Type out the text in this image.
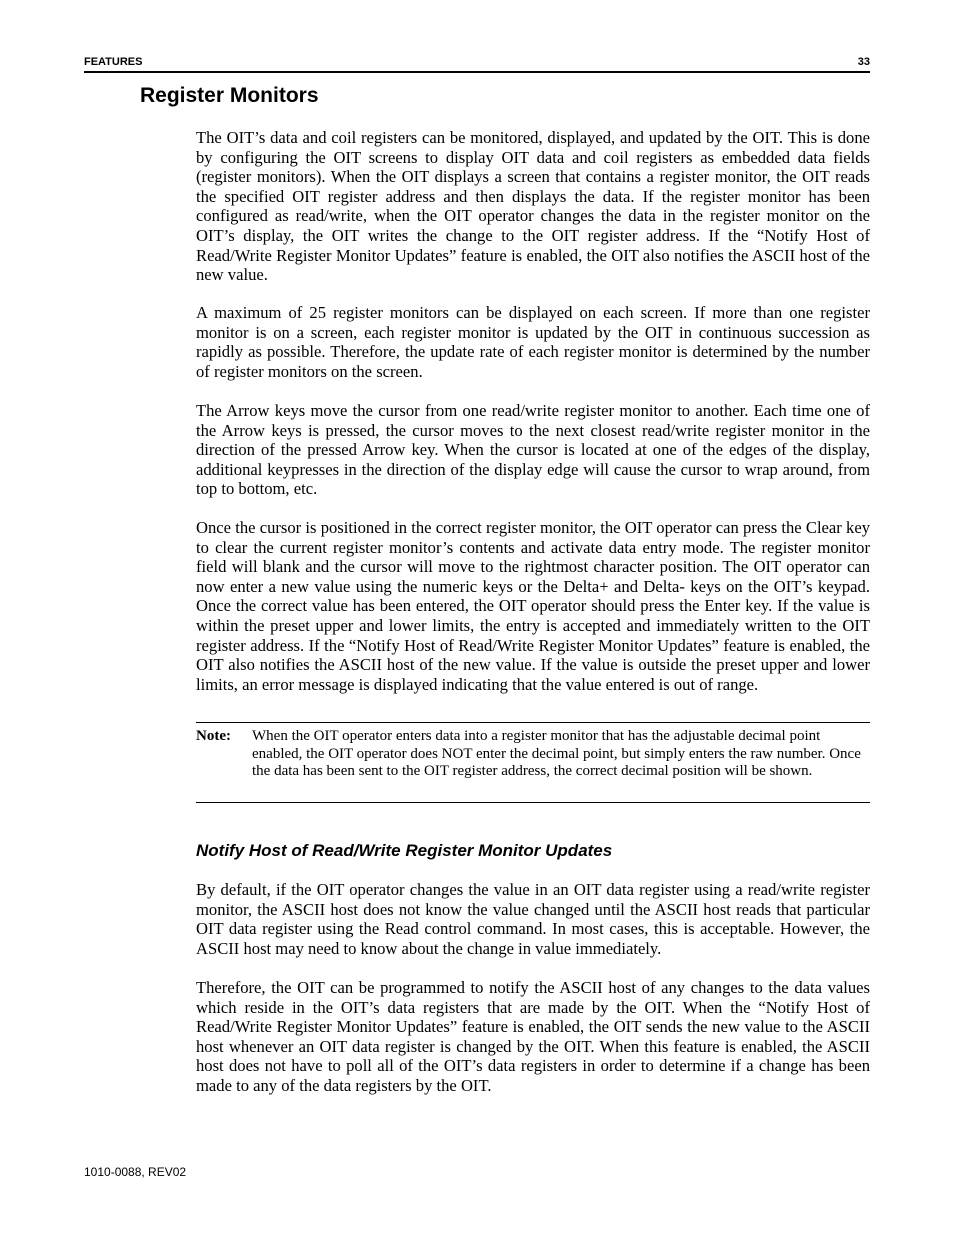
FEATURES	33
Register Monitors

The OIT’s data and coil registers can be monitored, displayed, and updated by the OIT. This is done by configuring the OIT screens to display OIT data and coil registers as embedded data fields (register monitors). When the OIT displays a screen that contains a register monitor, the OIT reads the specified OIT register address and then displays the data. If the register monitor has been configured as read/write, when the OIT operator changes the data in the register monitor on the OIT’s display, the OIT writes the change to the OIT register address. If the “Notify Host of Read/Write Register Monitor Updates” feature is enabled, the OIT also notifies the ASCII host of the new value.

A maximum of 25 register monitors can be displayed on each screen. If more than one register monitor is on a screen, each register monitor is updated by the OIT in continuous succession as rapidly as possible. Therefore, the update rate of each register monitor is determined by the number of register monitors on the screen.

The Arrow keys move the cursor from one read/write register monitor to another. Each time one of the Arrow keys is pressed, the cursor moves to the next closest read/write register monitor in the direction of the pressed Arrow key. When the cursor is located at one of the edges of the display, additional keypresses in the direction of the display edge will cause the cursor to wrap around, from top to bottom, etc.

Once the cursor is positioned in the correct register monitor, the OIT operator can press the Clear key to clear the current register monitor’s contents and activate data entry mode. The register monitor field will blank and the cursor will move to the rightmost character position. The OIT operator can now enter a new value using the numeric keys or the Delta+ and Delta- keys on the OIT’s keypad. Once the correct value has been entered, the OIT operator should press the Enter key. If the value is within the preset upper and lower limits, the entry is accepted and immediately written to the OIT register address. If the “Notify Host of Read/Write Register Monitor Updates” feature is enabled, the OIT also notifies the ASCII host of the new value. If the value is outside the preset upper and lower limits, an error message is displayed indicating that the value entered is out of range.

Note: When the OIT operator enters data into a register monitor that has the adjustable decimal point enabled, the OIT operator does NOT enter the decimal point, but simply enters the raw number. Once the data has been sent to the OIT register address, the correct decimal position will be shown.

Notify Host of Read/Write Register Monitor Updates

By default, if the OIT operator changes the value in an OIT data register using a read/write register monitor, the ASCII host does not know the value changed until the ASCII host reads that particular OIT data register using the Read control command. In most cases, this is acceptable. However, the ASCII host may need to know about the change in value immediately.

Therefore, the OIT can be programmed to notify the ASCII host of any changes to the data values which reside in the OIT’s data registers that are made by the OIT. When the “Notify Host of Read/Write Register Monitor Updates” feature is enabled, the OIT sends the new value to the ASCII host whenever an OIT data register is changed by the OIT. When this feature is enabled, the ASCII host does not have to poll all of the OIT’s data registers in order to determine if a change has been made to any of the data registers by the OIT.

1010-0088, REV02
